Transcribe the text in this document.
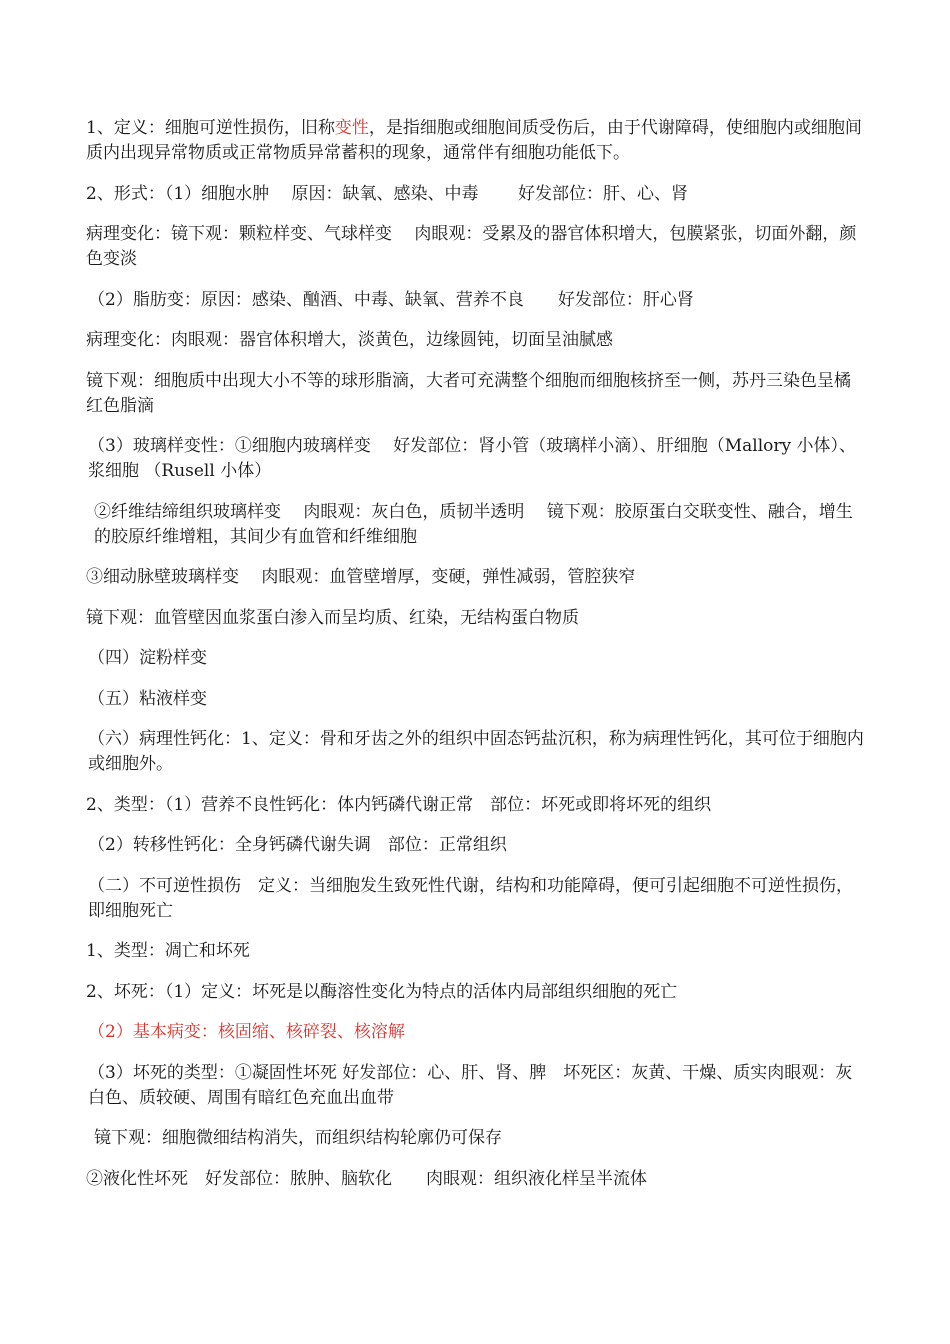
1、定义：细胞可逆性损伤，旧称变性，是指细胞或细胞间质受伤后，由于代谢障碍，使细胞内或细胞间质内出现异常物质或正常物质异常蓄积的现象，通常伴有细胞功能低下。

2、形式：（1）细胞水肿　 原因：缺氧、感染、中毒　　 好发部位：肝、心、肾

病理变化：镜下观：颗粒样变、气球样变　 肉眼观：受累及的器官体积增大，包膜紧张，切面外翻，颜色变淡

（2）脂肪变：原因：感染、酗酒、中毒、缺氧、营养不良　　好发部位：肝心肾

病理变化：肉眼观：器官体积增大，淡黄色，边缘圆钝，切面呈油腻感

镜下观：细胞质中出现大小不等的球形脂滴，大者可充满整个细胞而细胞核挤至一侧，苏丹三染色呈橘红色脂滴

（3）玻璃样变性：①细胞内玻璃样变　 好发部位：肾小管（玻璃样小滴）、肝细胞（Mallory 小体）、浆细胞 （Rusell 小体）

②纤维结缔组织玻璃样变　 肉眼观：灰白色，质韧半透明　 镜下观：胶原蛋白交联变性、融合，增生的胶原纤维增粗，其间少有血管和纤维细胞

③细动脉壁玻璃样变　 肉眼观：血管壁增厚，变硬，弹性减弱，管腔狭窄

镜下观：血管壁因血浆蛋白渗入而呈均质、红染，无结构蛋白物质

（四）淀粉样变

（五）粘液样变

（六）病理性钙化：1、定义：骨和牙齿之外的组织中固态钙盐沉积，称为病理性钙化，其可位于细胞内或细胞外。

2、类型：（1）营养不良性钙化：体内钙磷代谢正常　部位：坏死或即将坏死的组织

（2）转移性钙化：全身钙磷代谢失调　部位：正常组织

（二）不可逆性损伤　定义：当细胞发生致死性代谢，结构和功能障碍，便可引起细胞不可逆性损伤，即细胞死亡

1、类型：凋亡和坏死

2、坏死：（1）定义：坏死是以酶溶性变化为特点的活体内局部组织细胞的死亡

（2）基本病变：核固缩、核碎裂、核溶解

（3）坏死的类型：①凝固性坏死 好发部位：心、肝、肾、脾　坏死区：灰黄、干燥、质实肉眼观：灰白色、质较硬、周围有暗红色充血出血带

镜下观：细胞微细结构消失，而组织结构轮廓仍可保存

②液化性坏死　好发部位：脓肿、脑软化　　肉眼观：组织液化样呈半流体
